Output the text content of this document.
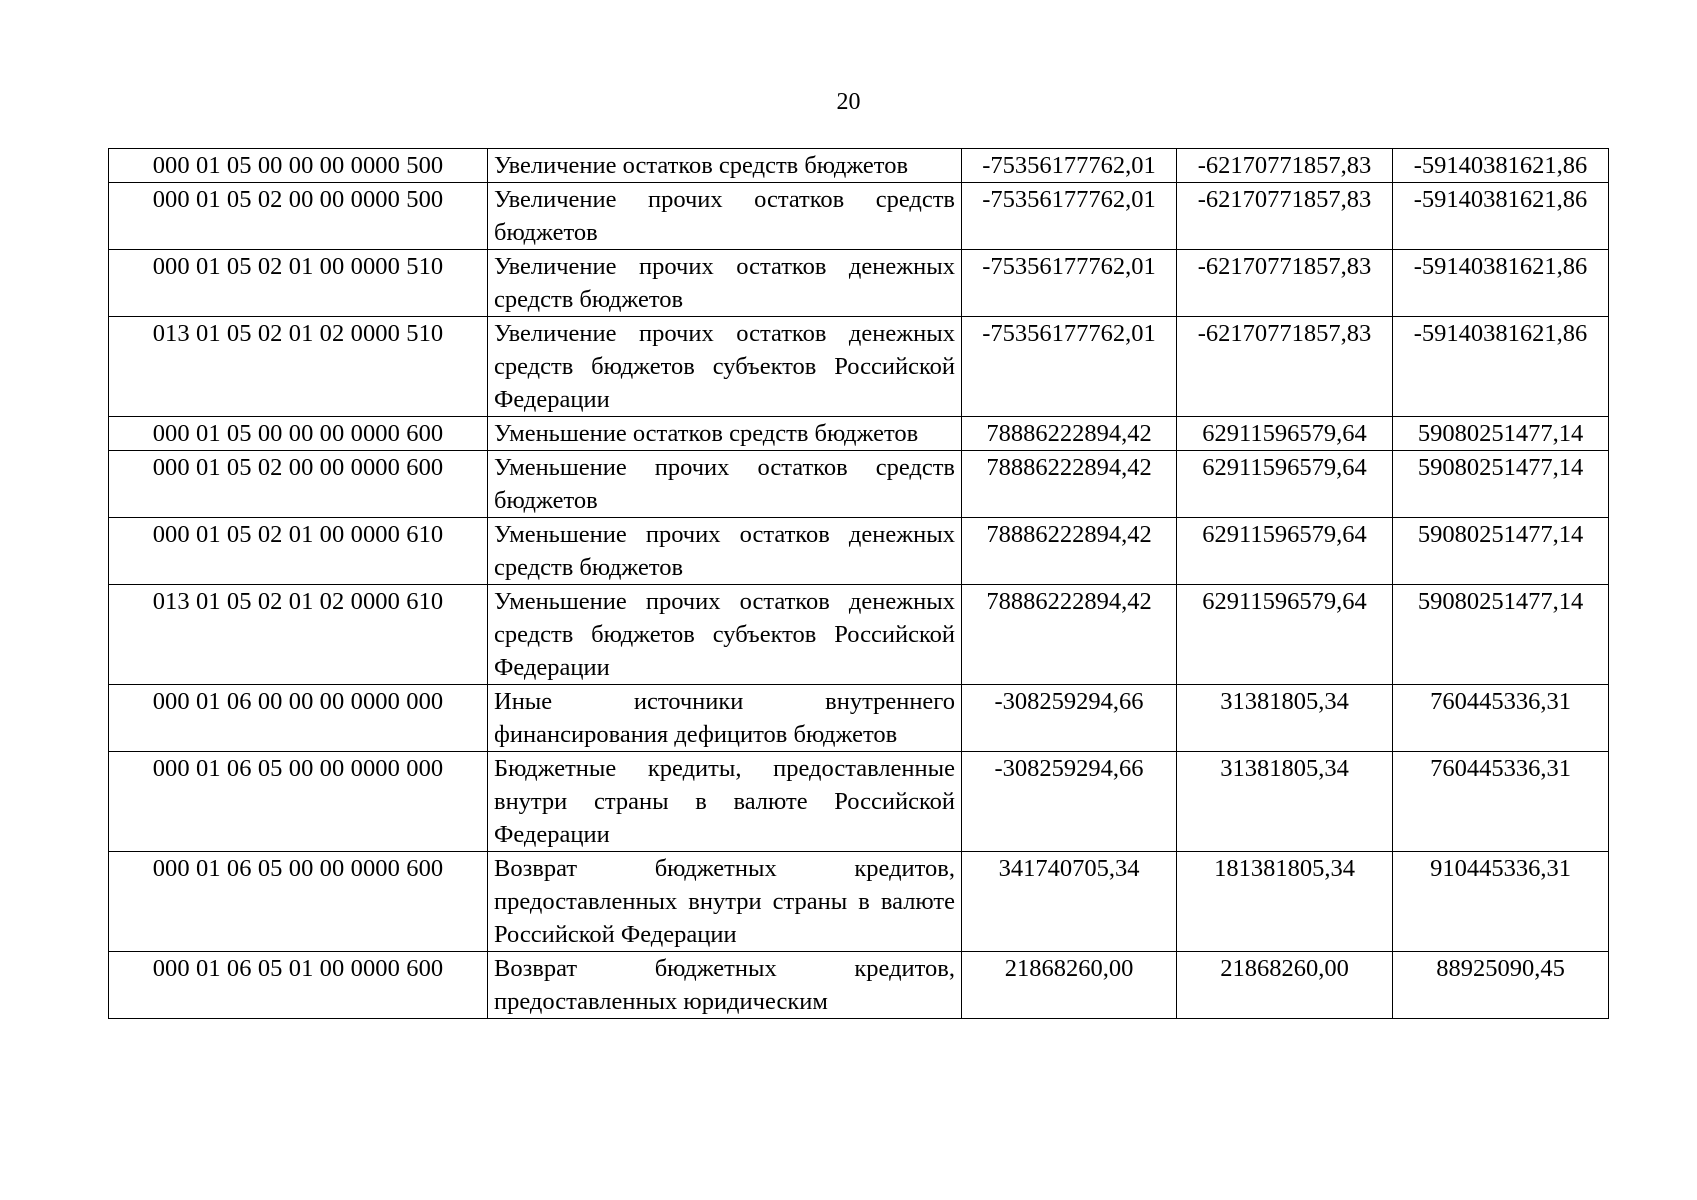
20
000 01 05 00 00 00 0000 500	Увеличение остатков средств бюджетов	-75356177762,01	-62170771857,83	-59140381621,86
000 01 05 02 00 00 0000 500	Увеличение прочих остатков средств бюджетов	-75356177762,01	-62170771857,83	-59140381621,86
000 01 05 02 01 00 0000 510	Увеличение прочих остатков денежных средств бюджетов	-75356177762,01	-62170771857,83	-59140381621,86
013 01 05 02 01 02 0000 510	Увеличение прочих остатков денежных средств бюджетов субъектов Российской Федерации	-75356177762,01	-62170771857,83	-59140381621,86
000 01 05 00 00 00 0000 600	Уменьшение остатков средств бюджетов	78886222894,42	62911596579,64	59080251477,14
000 01 05 02 00 00 0000 600	Уменьшение прочих остатков средств бюджетов	78886222894,42	62911596579,64	59080251477,14
000 01 05 02 01 00 0000 610	Уменьшение прочих остатков денежных средств бюджетов	78886222894,42	62911596579,64	59080251477,14
013 01 05 02 01 02 0000 610	Уменьшение прочих остатков денежных средств бюджетов субъектов Российской Федерации	78886222894,42	62911596579,64	59080251477,14
000 01 06 00 00 00 0000 000	Иные источники внутреннего финансирования дефицитов бюджетов	-308259294,66	31381805,34	760445336,31
000 01 06 05 00 00 0000 000	Бюджетные кредиты, предоставленные внутри страны в валюте Российской Федерации	-308259294,66	31381805,34	760445336,31
000 01 06 05 00 00 0000 600	Возврат бюджетных кредитов, предоставленных внутри страны в валюте Российской Федерации	341740705,34	181381805,34	910445336,31
000 01 06 05 01 00 0000 600	Возврат бюджетных кредитов, предоставленных юридическим	21868260,00	21868260,00	88925090,45
